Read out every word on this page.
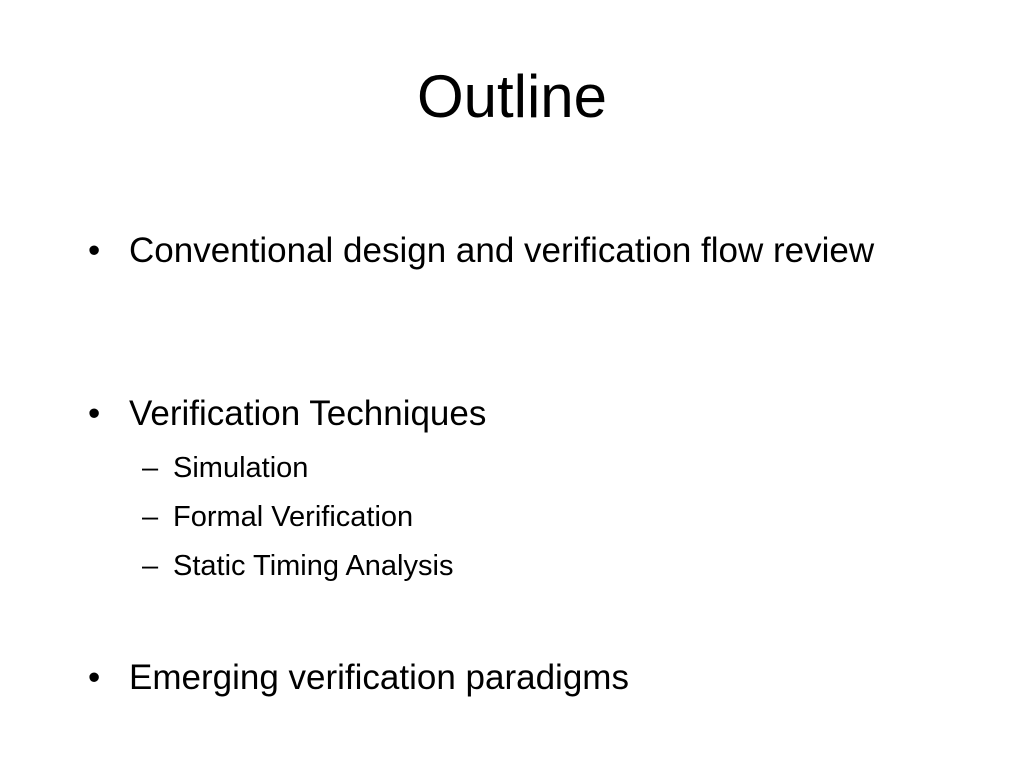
Outline
• Conventional design and verification flow review
• Verification Techniques
– Simulation
– Formal Verification
– Static Timing Analysis
• Emerging verification paradigms
